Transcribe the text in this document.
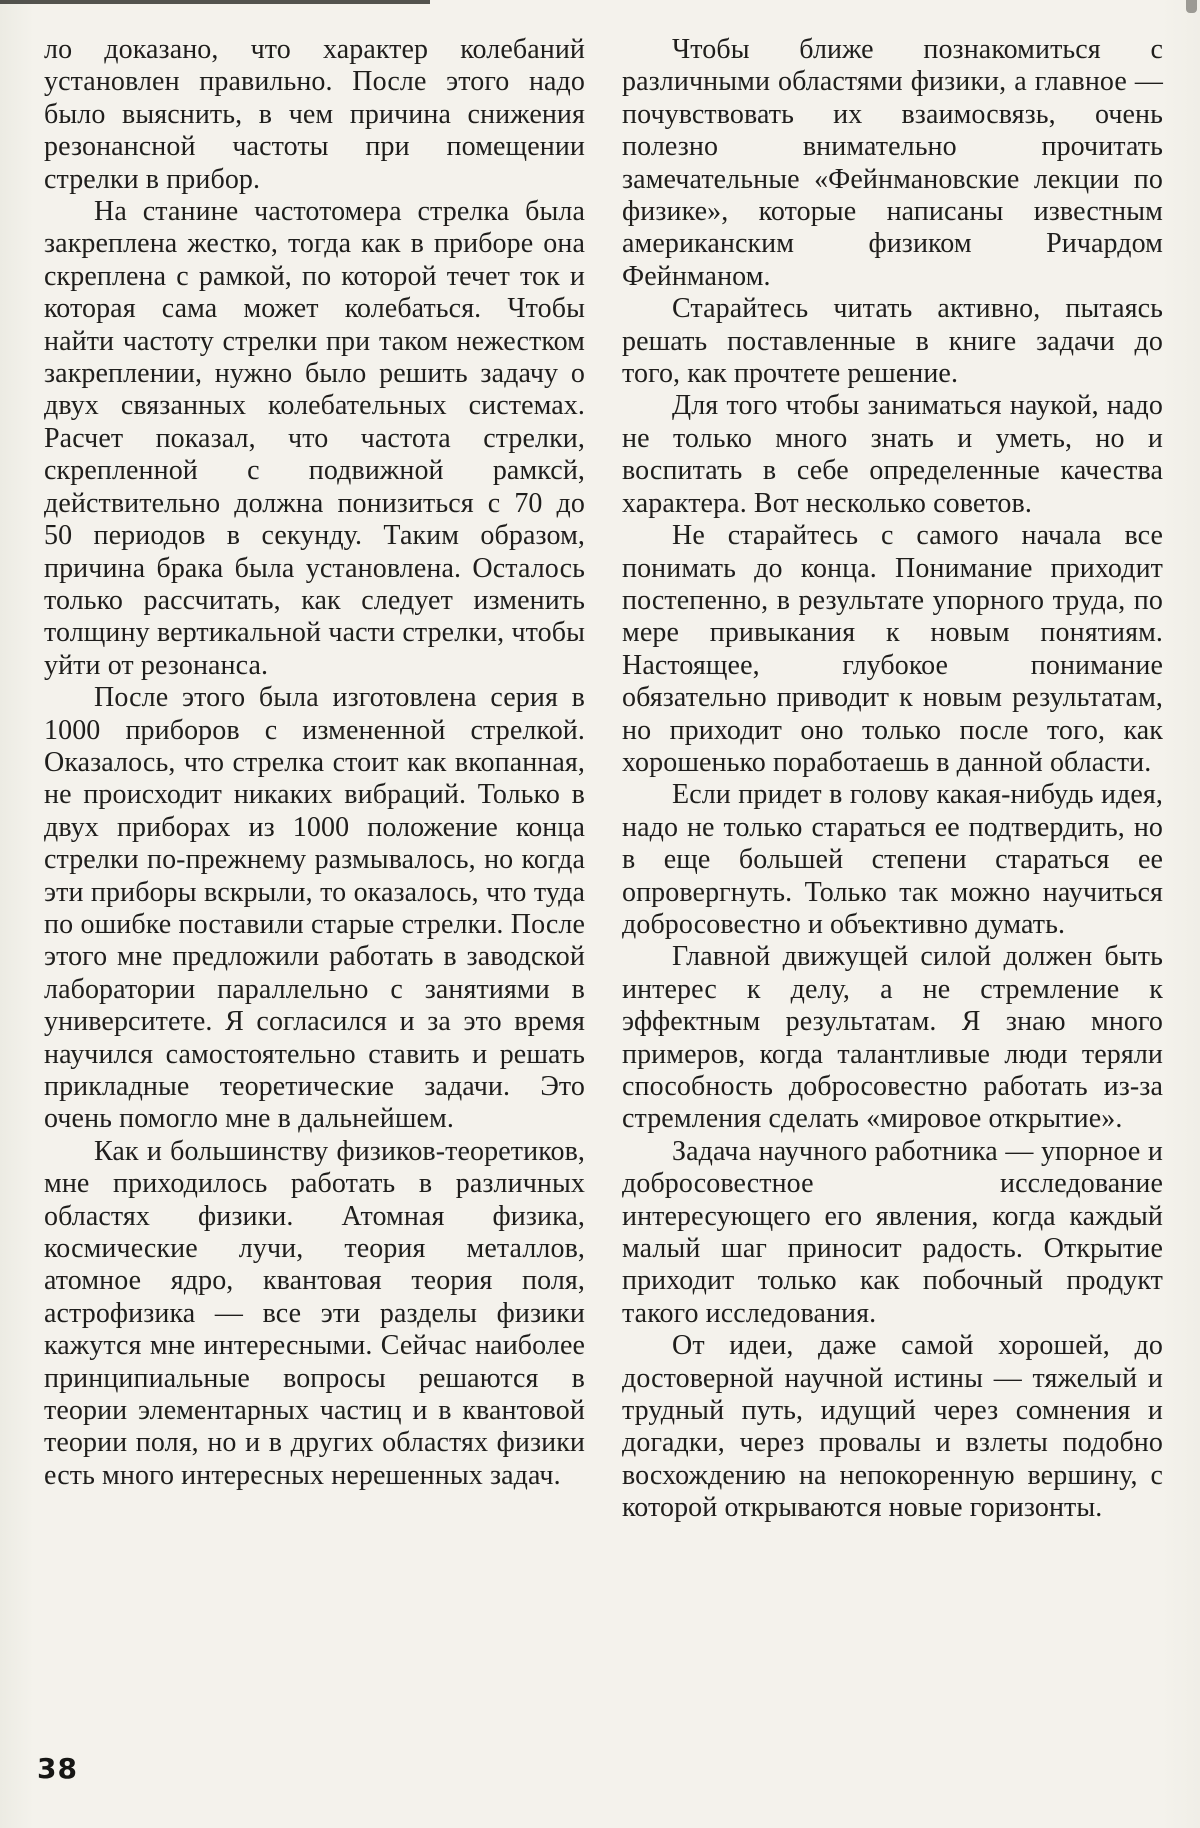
ло доказано, что характер колебаний установлен правильно. После этого надо было выяснить, в чем причина снижения резонансной частоты при помещении стрелки в прибор.

На станине частотомера стрелка была закреплена жестко, тогда как в приборе она скреплена с рамкой, по которой течет ток и которая сама может колебаться. Чтобы найти частоту стрелки при таком нежестком закреплении, нужно было решить задачу о двух связанных колебательных системах. Расчет показал, что частота стрелки, скрепленной с подвижной рамксй, действительно должна понизиться с 70 до 50 периодов в секунду. Таким образом, причина брака была установлена. Осталось только рассчитать, как следует изменить толщину вертикальной части стрелки, чтобы уйти от резонанса.

После этого была изготовлена серия в 1000 приборов с измененной стрелкой. Оказалось, что стрелка стоит как вкопанная, не происходит никаких вибраций. Только в двух приборах из 1000 положение конца стрелки по-прежнему размывалось, но когда эти приборы вскрыли, то оказалось, что туда по ошибке поставили старые стрелки. После этого мне предложили работать в заводской лаборатории параллельно с занятиями в университете. Я согласился и за это время научился самостоятельно ставить и решать прикладные теоретические задачи. Это очень помогло мне в дальнейшем.

Как и большинству физиков-теоретиков, мне приходилось работать в различных областях физики. Атомная физика, космические лучи, теория металлов, атомное ядро, квантовая теория поля, астрофизика — все эти разделы физики кажутся мне интересными. Сейчас наиболее принципиальные вопросы решаются в теории элементарных частиц и в квантовой теории поля, но и в других областях физики есть много интересных нерешенных задач.

Чтобы ближе познакомиться с различными областями физики, а главное — почувствовать их взаимосвязь, очень полезно внимательно прочитать замечательные «Фейнмановские лекции по физике», которые написаны известным американским физиком Ричардом Фейнманом.

Старайтесь читать активно, пытаясь решать поставленные в книге задачи до того, как прочтете решение.

Для того чтобы заниматься наукой, надо не только много знать и уметь, но и воспитать в себе определенные качества характера. Вот несколько советов.

Не старайтесь с самого начала все понимать до конца. Понимание приходит постепенно, в результате упорного труда, по мере привыкания к новым понятиям. Настоящее, глубокое понимание обязательно приводит к новым результатам, но приходит оно только после того, как хорошенько поработаешь в данной области.

Если придет в голову какая-нибудь идея, надо не только стараться ее подтвердить, но в еще большей степени стараться ее опровергнуть. Только так можно научиться добросовестно и объективно думать.

Главной движущей силой должен быть интерес к делу, а не стремление к эффектным результатам. Я знаю много примеров, когда талантливые люди теряли способность добросовестно работать из-за стремления сделать «мировое открытие».

Задача научного работника — упорное и добросовестное исследование интересующего его явления, когда каждый малый шаг приносит радость. Открытие приходит только как побочный продукт такого исследования.

От идеи, даже самой хорошей, до достоверной научной истины — тяжелый и трудный путь, идущий через сомнения и догадки, через провалы и взлеты подобно восхождению на непокоренную вершину, с которой открываются новые горизонты.

38
